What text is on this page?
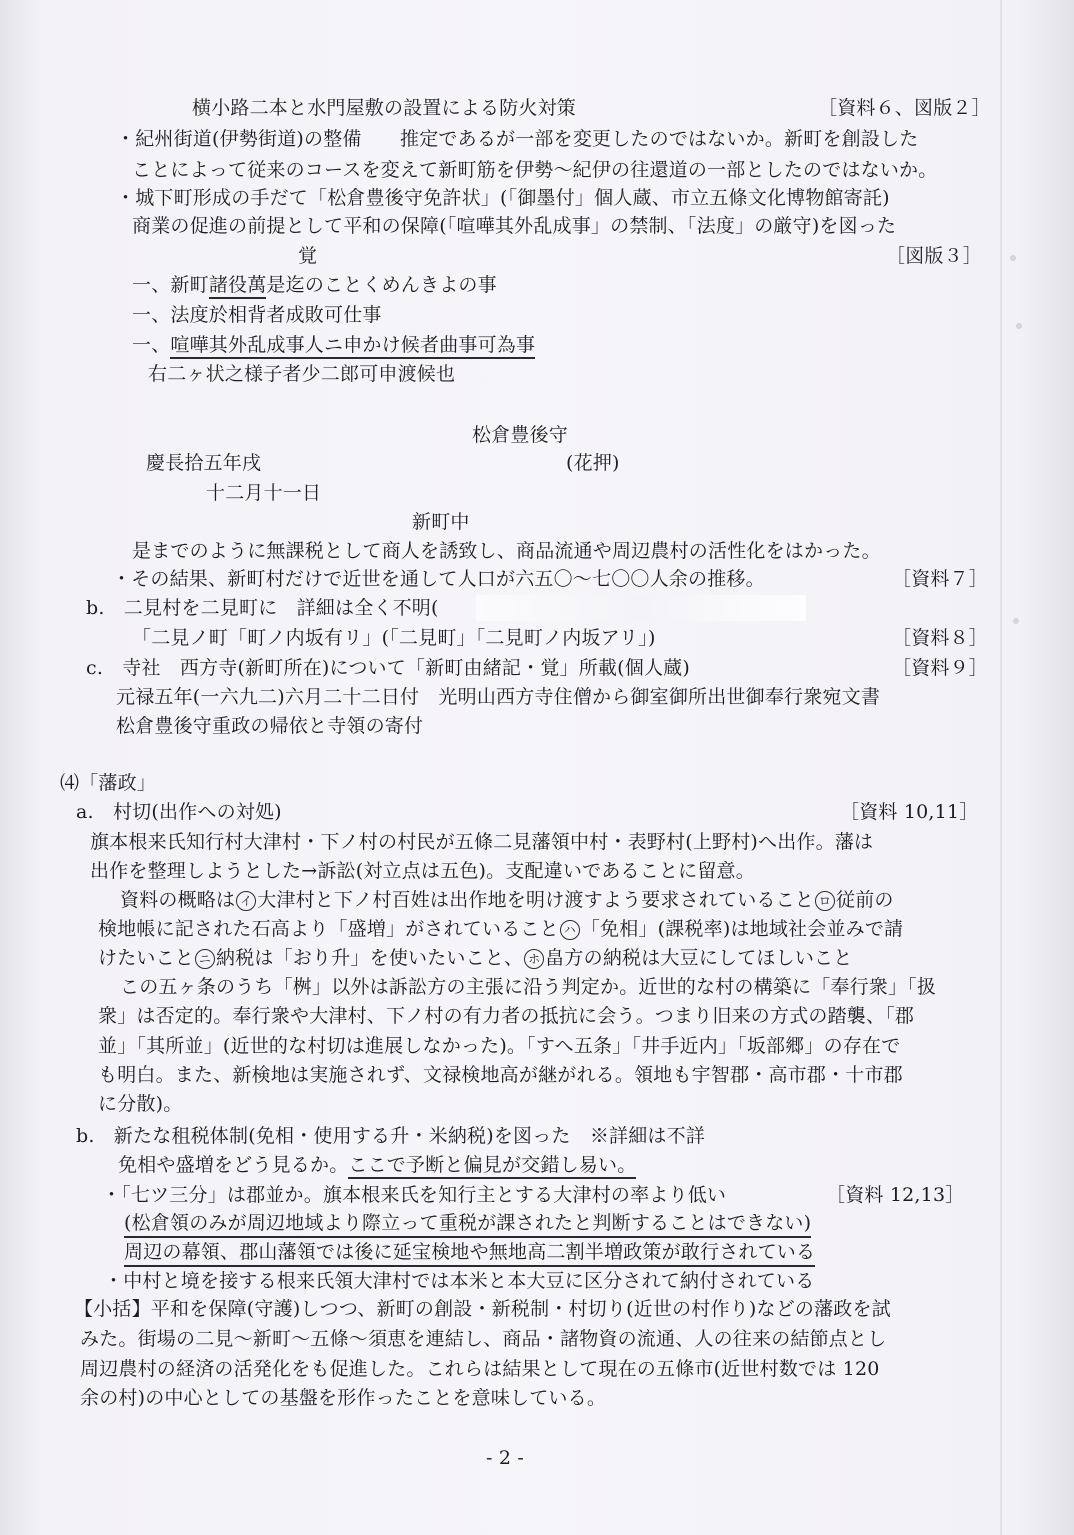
横小路二本と水門屋敷の設置による防火対策	［資料６、図版２］
・紀州街道(伊勢街道)の整備　　推定であるが一部を変更したのではないか。新町を創設した
ことによって従来のコースを変えて新町筋を伊勢～紀伊の往還道の一部としたのではないか。
・城下町形成の手だて「松倉豊後守免許状」(「御墨付」個人蔵、市立五條文化博物館寄託)
商業の促進の前提として平和の保障(「喧嘩其外乱成事」の禁制、「法度」の厳守)を図った
覚	［図版３］
一、新町諸役萬是迄のことくめんきよの事
一、法度於相背者成敗可仕事
一、喧嘩其外乱成事人ニ申かけ候者曲事可為事
右二ヶ状之様子者少二郎可申渡候也
松倉豊後守
慶長拾五年戌	(花押)
十二月十一日
新町中
是までのように無課税として商人を誘致し、商品流通や周辺農村の活性化をはかった。
・その結果、新町村だけで近世を通して人口が六五〇～七〇〇人余の推移。	［資料７］
b.　二見村を二見町に　詳細は全く不明(
「二見ノ町「町ノ内坂有リ」(「二見町」「二見町ノ内坂アリ」)	［資料８］
c.　寺社　西方寺(新町所在)について「新町由緒記・覚」所載(個人蔵)	［資料９］
元禄五年(一六九二)六月二十二日付　光明山西方寺住僧から御室御所出世御奉行衆宛文書
松倉豊後守重政の帰依と寺領の寄付
⑷「藩政」
a.　村切(出作への対処)	［資料 10,11］
旗本根来氏知行村大津村・下ノ村の村民が五條二見藩領中村・表野村(上野村)へ出作。藩は
出作を整理しようとした→訴訟(対立点は五色)。支配違いであることに留意。
資料の概略は イ 大津村と下ノ村百姓は出作地を明け渡すよう要求されていること ロ 従前の
検地帳に記された石高より「盛増」がされていること ハ 「免相」(課税率)は地域社会並みで請
けたいこと ニ 納税は「おり升」を使いたいこと、 ホ 畠方の納税は大豆にしてほしいこと
この五ヶ条のうち「桝」以外は訴訟方の主張に沿う判定か。近世的な村の構築に「奉行衆」「扱
衆」は否定的。奉行衆や大津村、下ノ村の有力者の抵抗に会う。つまり旧来の方式の踏襲、「郡
並」「其所並」(近世的な村切は進展しなかった)。「すへ五条」「井手近内」「坂部郷」の存在で
も明白。また、新検地は実施されず、文禄検地高が継がれる。領地も宇智郡・高市郡・十市郡
に分散)。
b.　新たな租税体制(免相・使用する升・米納税)を図った　※詳細は不詳
免相や盛増をどう見るか。ここで予断と偏見が交錯し易い。
・「七ツ三分」は郡並か。旗本根来氏を知行主とする大津村の率より低い	［資料 12,13］
(松倉領のみが周辺地域より際立って重税が課されたと判断することはできない)
周辺の幕領、郡山藩領では後に延宝検地や無地高二割半増政策が敢行されている
・中村と境を接する根来氏領大津村では本米と本大豆に区分されて納付されている
【小括】平和を保障(守護)しつつ、新町の創設・新税制・村切り(近世の村作り)などの藩政を試
みた。街場の二見～新町～五條～須恵を連結し、商品・諸物資の流通、人の往来の結節点とし
周辺農村の経済の活発化をも促進した。これらは結果として現在の五條市(近世村数では 120
余の村)の中心としての基盤を形作ったことを意味している。
- 2 -
